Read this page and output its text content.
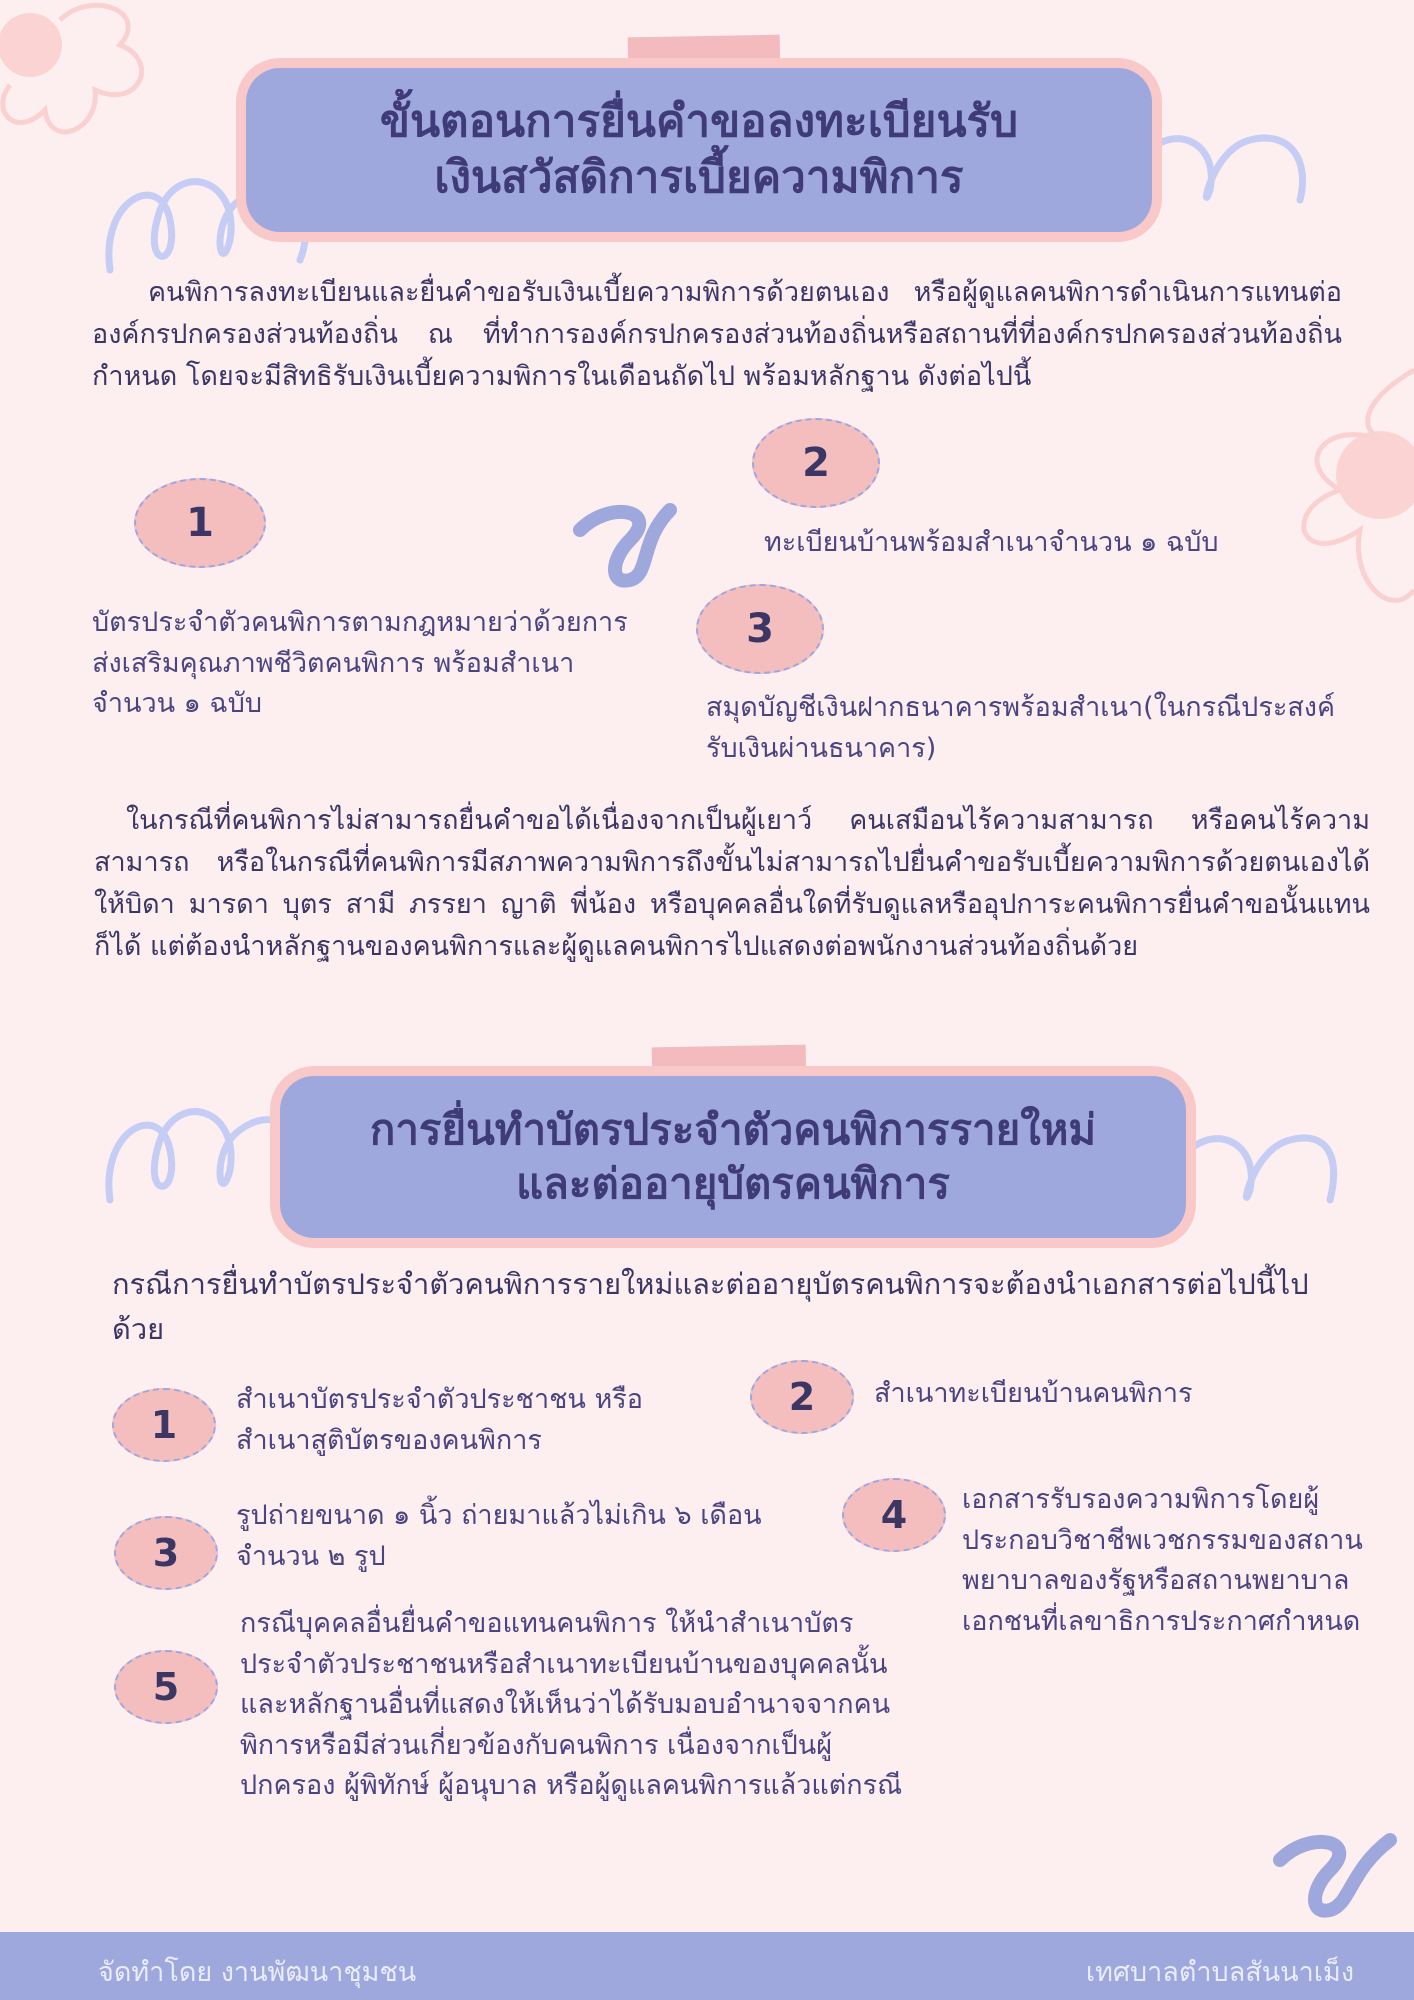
ขั้นตอนการยื่นคำขอลงทะเบียนรับ
เงินสวัสดิการเบี้ยความพิการ

คนพิการลงทะเบียนและยื่นคำขอรับเงินเบี้ยความพิการด้วยตนเอง หรือผู้ดูแลคนพิการดำเนินการแทนต่อองค์กรปกครองส่วนท้องถิ่น ณ ที่ทำการองค์กรปกครองส่วนท้องถิ่นหรือสถานที่ที่องค์กรปกครองส่วนท้องถิ่นกำหนด โดยจะมีสิทธิรับเงินเบี้ยความพิการในเดือนถัดไป พร้อมหลักฐาน ดังต่อไปนี้

1

บัตรประจำตัวคนพิการตามกฎหมายว่าด้วยการส่งเสริมคุณภาพชีวิตคนพิการ พร้อมสำเนา จำนวน ๑ ฉบับ

2

ทะเบียนบ้านพร้อมสำเนาจำนวน ๑ ฉบับ

3

สมุดบัญชีเงินฝากธนาคารพร้อมสำเนา(ในกรณีประสงค์รับเงินผ่านธนาคาร)

ในกรณีที่คนพิการไม่สามารถยื่นคำขอได้เนื่องจากเป็นผู้เยาว์ คนเสมือนไร้ความสามารถ หรือคนไร้ความสามารถ หรือในกรณีที่คนพิการมีสภาพความพิการถึงขั้นไม่สามารถไปยื่นคำขอรับเบี้ยความพิการด้วยตนเองได้ ให้บิดา มารดา บุตร สามี ภรรยา ญาติ พี่น้อง หรือบุคคลอื่นใดที่รับดูแลหรืออุปการะคนพิการยื่นคำขอนั้นแทนก็ได้ แต่ต้องนำหลักฐานของคนพิการและผู้ดูแลคนพิการไปแสดงต่อพนักงานส่วนท้องถิ่นด้วย

การยื่นทำบัตรประจำตัวคนพิการรายใหม่
และต่ออายุบัตรคนพิการ

กรณีการยื่นทำบัตรประจำตัวคนพิการรายใหม่และต่ออายุบัตรคนพิการจะต้องนำเอกสารต่อไปนี้ไปด้วย

1

สำเนาบัตรประจำตัวประชาชน หรือสำเนาสูติบัตรของคนพิการ

2	สำเนาทะเบียนบ้านคนพิการ

3

รูปถ่ายขนาด ๑ นิ้ว ถ่ายมาแล้วไม่เกิน ๖ เดือน จำนวน ๒ รูป

4	เอกสารรับรองความพิการโดยผู้ประกอบวิชาชีพเวชกรรมของสถานพยาบาลของรัฐหรือสถานพยาบาลเอกชนที่เลขาธิการประกาศกำหนด

5

กรณีบุคคลอื่นยื่นคำขอแทนคนพิการ ให้นำสำเนาบัตรประจำตัวประชาชนหรือสำเนาทะเบียนบ้านของบุคคลนั้น และหลักฐานอื่นที่แสดงให้เห็นว่าได้รับมอบอำนาจจากคนพิการหรือมีส่วนเกี่ยวข้องกับคนพิการ เนื่องจากเป็นผู้ปกครอง ผู้พิทักษ์ ผู้อนุบาล หรือผู้ดูแลคนพิการแล้วแต่กรณี

จัดทำโดย งานพัฒนาชุมชน	เทศบาลตำบลสันนาเม็ง
